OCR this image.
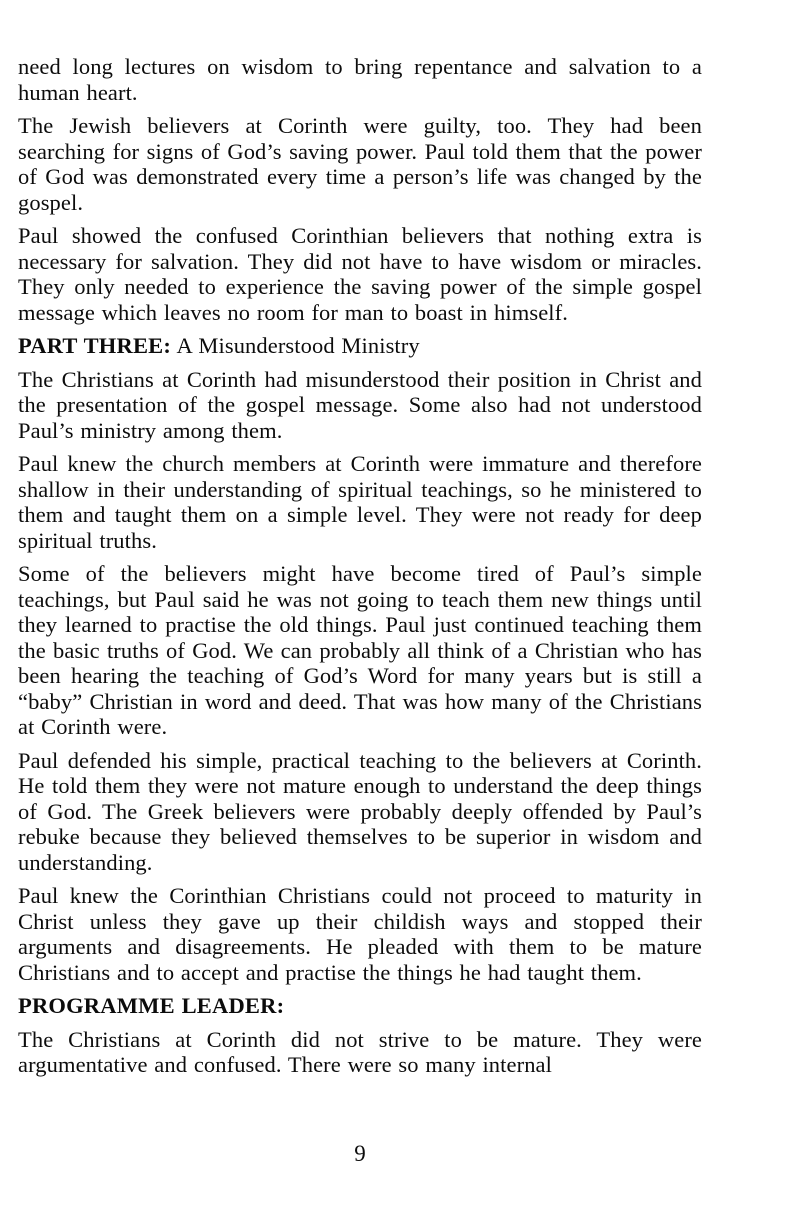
need long lectures on wisdom to bring repentance and salvation to a human heart.

The Jewish believers at Corinth were guilty, too. They had been searching for signs of God’s saving power. Paul told them that the power of God was demonstrated every time a person’s life was changed by the gospel.

Paul showed the confused Corinthian believers that nothing extra is necessary for salvation. They did not have to have wisdom or miracles. They only needed to experience the saving power of the simple gospel message which leaves no room for man to boast in himself.

PART THREE: A Misunderstood Ministry

The Christians at Corinth had misunderstood their position in Christ and the presentation of the gospel message. Some also had not understood Paul’s ministry among them.

Paul knew the church members at Corinth were immature and therefore shallow in their understanding of spiritual teachings, so he ministered to them and taught them on a simple level. They were not ready for deep spiritual truths.

Some of the believers might have become tired of Paul’s simple teachings, but Paul said he was not going to teach them new things until they learned to practise the old things. Paul just continued teaching them the basic truths of God. We can probably all think of a Christian who has been hearing the teaching of God’s Word for many years but is still a “baby” Christian in word and deed. That was how many of the Christians at Corinth were.

Paul defended his simple, practical teaching to the believers at Corinth. He told them they were not mature enough to understand the deep things of God. The Greek believers were probably deeply offended by Paul’s rebuke because they believed themselves to be superior in wisdom and understanding.

Paul knew the Corinthian Christians could not proceed to maturity in Christ unless they gave up their childish ways and stopped their arguments and disagreements. He pleaded with them to be mature Christians and to accept and practise the things he had taught them.

PROGRAMME LEADER:

The Christians at Corinth did not strive to be mature. They were argumentative and confused. There were so many internal

9
